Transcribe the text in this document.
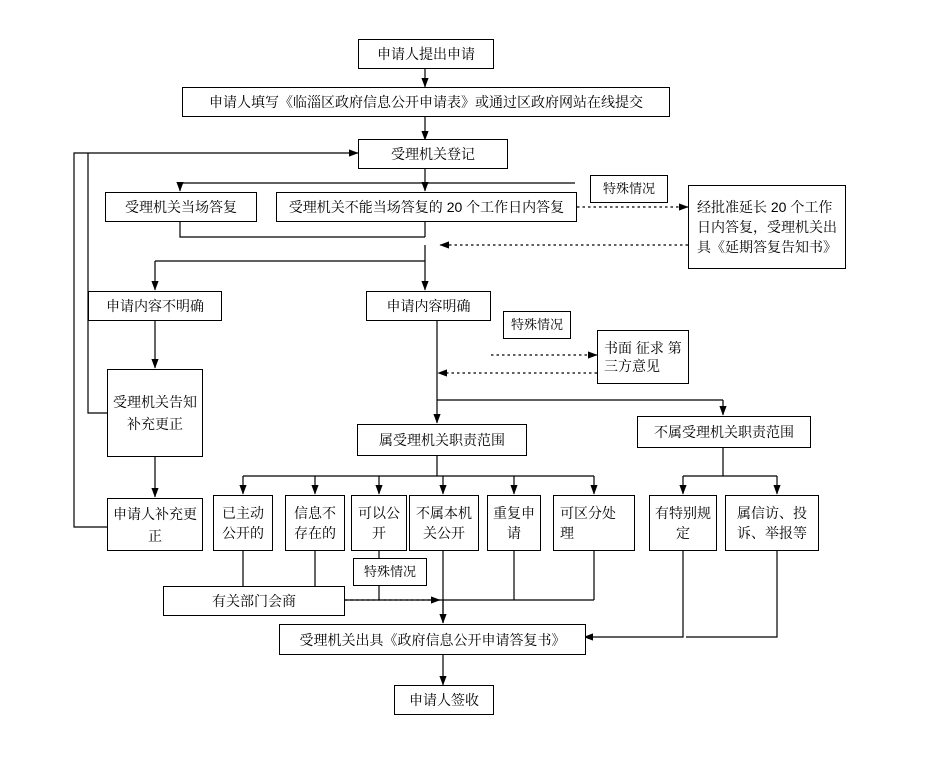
申请人提出申请
申请人填写《临淄区政府信息公开申请表》或通过区政府网站在线提交
受理机关登记
受理机关当场答复	受理机关不能当场答复的 20 个工作日内答复
特殊情况
经批准延长 20 个工作日内答复，受理机关出具《延期答复告知书》
申请内容不明确	申请内容明确
特殊情况
书面 征求 第三方意见
受理机关告知补充更正
属受理机关职责范围	不属受理机关职责范围
申请人补充更正
已主动公开的
信息不存在的
可以公开
不属本机关公开
重复申请
可区分处理
有特别规定
属信访、投诉、举报等
特殊情况
有关部门会商
受理机关出具《政府信息公开申请答复书》
申请人签收
